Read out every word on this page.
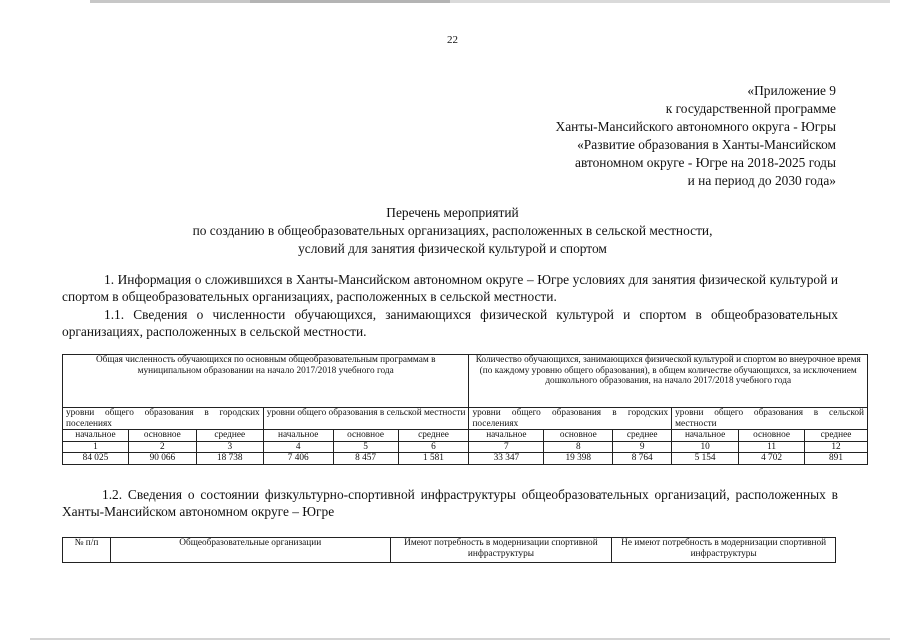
22
«Приложение 9
к государственной программе
Ханты-Мансийского автономного округа - Югры
«Развитие образования в Ханты-Мансийском
автономном округе - Югре на 2018-2025 годы
и на период до 2030 года»
Перечень мероприятий
по созданию в общеобразовательных организациях, расположенных в сельской местности,
условий для занятия физической культурой и спортом
1. Информация о сложившихся в Ханты-Мансийском автономном округе – Югре условиях для занятия физической культурой и спортом в общеобразовательных организациях, расположенных в сельской местности.
1.1. Сведения о численности обучающихся, занимающихся физической культурой и спортом в общеобразовательных организациях, расположенных в сельской местности.
Общая численность обучающихся по основным общеобразовательным программам в муниципальном образовании на начало 2017/2018 учебного года						Количество обучающихся, занимающихся физической культурой и спортом во внеурочное время (по каждому уровню общего образования), в общем количестве обучающихся, за исключением дошкольного образования, на начало 2017/2018 учебного года					
уровни общего образования в городских поселениях			уровни общего образования в сельской местности			уровни общего образования в городских поселениях			уровни общего образования в сельской местности		
начальное	основное	среднее	начальное	основное	среднее	начальное	основное	среднее	начальное	основное	среднее
1	2	3	4	5	6	7	8	9	10	11	12
84 025	90 066	18 738	7 406	8 457	1 581	33 347	19 398	8 764	5 154	4 702	891
1.2. Сведения о состоянии физкультурно-спортивной инфраструктуры общеобразовательных организаций, расположенных в Ханты-Мансийском автономном округе – Югре
№ п/п	Общеобразовательные организации	Имеют потребность в модернизации спортивной инфраструктуры	Не имеют потребность в модернизации спортивной инфраструктуры
